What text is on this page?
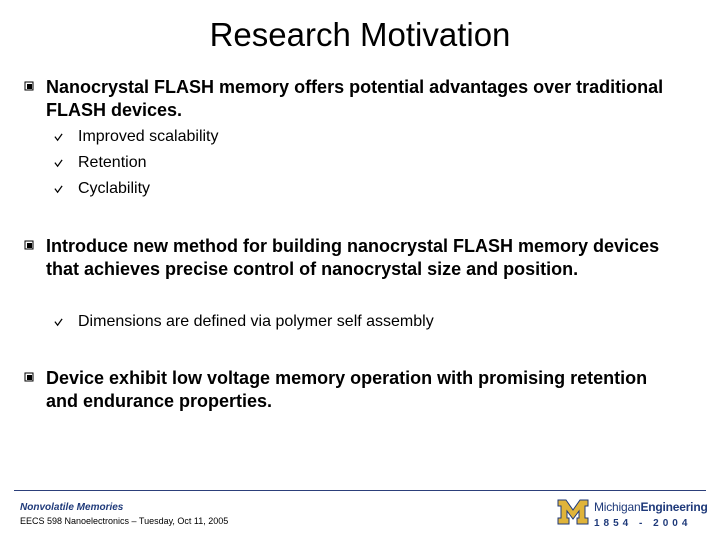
Research Motivation
Nanocrystal FLASH memory offers potential advantages over traditional FLASH devices.
Improved scalability
Retention
Cyclability
Introduce new method for building nanocrystal FLASH memory devices that achieves precise control of nanocrystal size and position.
Dimensions are defined via polymer self assembly
Device exhibit low voltage memory operation with promising retention and endurance properties.
Nonvolatile Memories
EECS 598 Nanoelectronics – Tuesday, Oct 11, 2005
MichiganEngineering
1854 - 2004
